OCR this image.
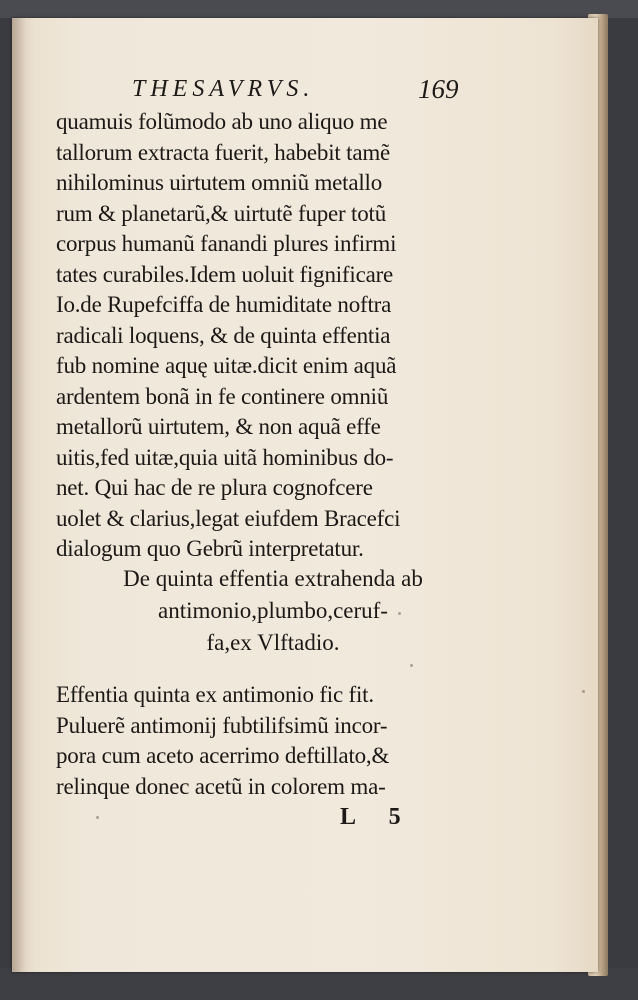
THESAVRVS.	169
quamuis folũmodo ab uno aliquo me
tallorum extracta fuerit, habebit tamẽ
nihilominus uirtutem omniũ metallo
rum & planetarũ,& uirtutẽ fuper totũ
corpus humanũ fanandi plures infirmi
tates curabiles.Idem uoluit fignificare
Io.de Rupefciffa de humiditate noftra
radicali loquens, & de quinta effentia
fub nomine aquę uitæ.dicit enim aquã
ardentem bonã in fe continere omniũ
metallorũ uirtutem, & non aquã effe
uitis,fed uitæ,quia uitã hominibus do-
net. Qui hac de re plura cognofcere
uolet & clarius,legat eiufdem Bracefci
dialogum quo Gebrũ interpretatur.
De quinta effentia extrahenda ab
antimonio,plumbo,ceruf-
fa,ex Vlftadio.
Effentia quinta ex antimonio fic fit.
Puluerẽ antimonij fubtilifsimũ incor-
pora cum aceto acerrimo deftillato,&
relinque donec acetũ in colorem ma-
L 5
